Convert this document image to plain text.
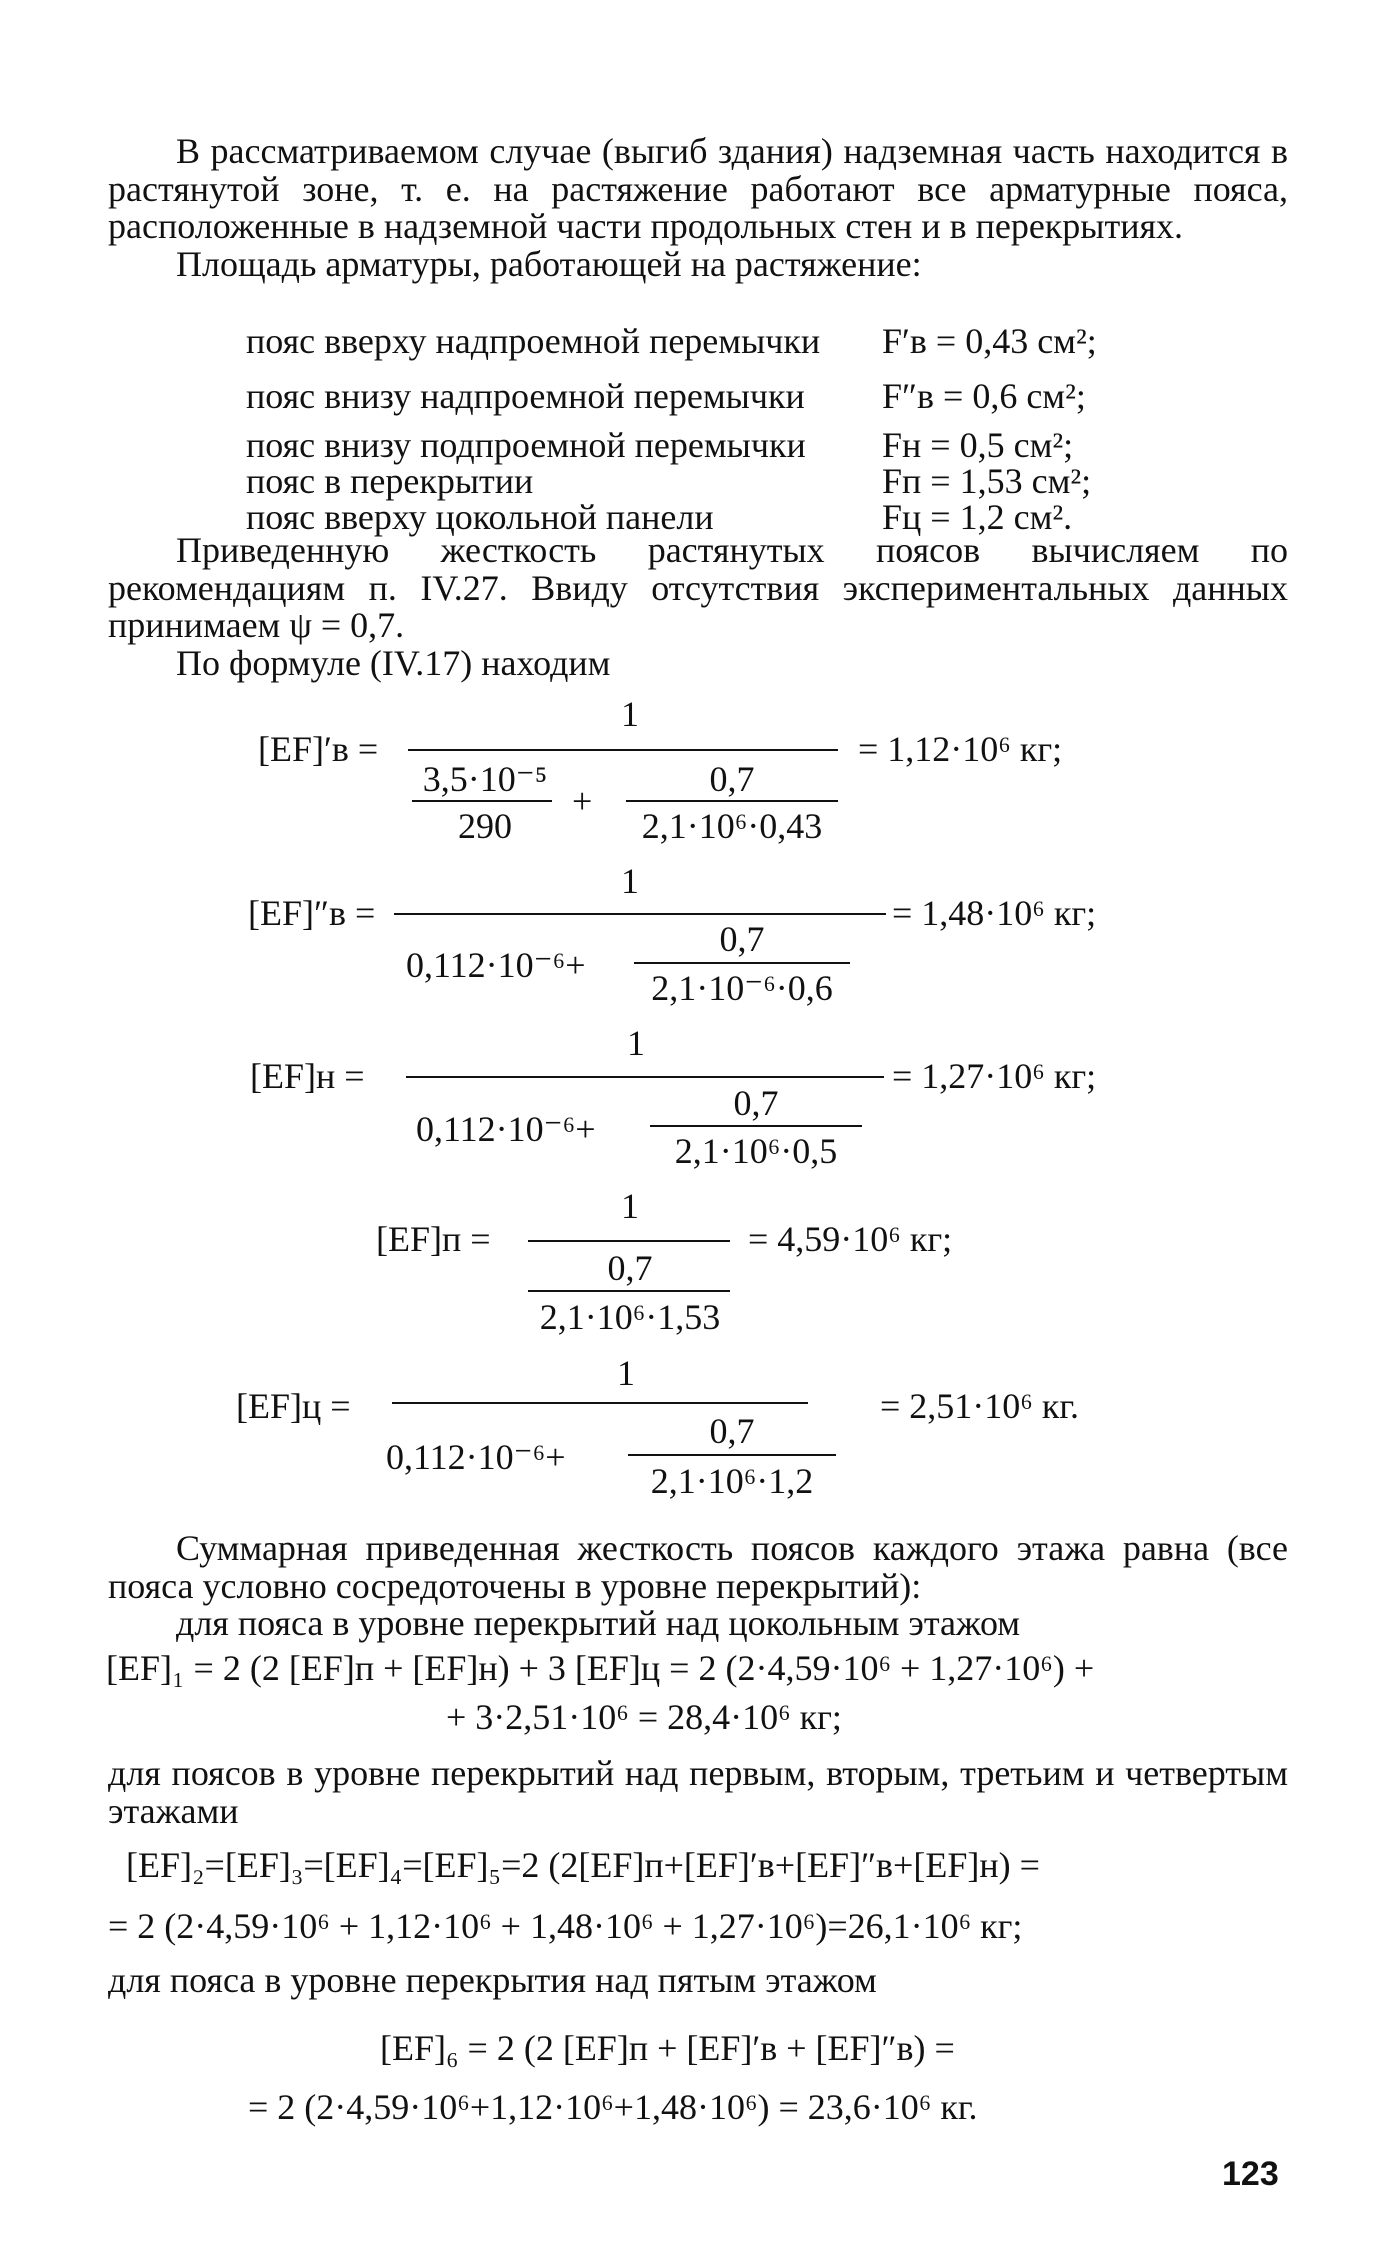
В рассматриваемом случае (выгиб здания) надземная часть находится в растянутой зоне, т. е. на растяжение работают все арматурные пояса, расположенные в надземной части продольных стен и в перекрытиях.

Площадь арматуры, работающей на растяжение:

пояс вверху надпроемной перемычки F′в = 0,43 см²;
пояс внизу надпроемной перемычки F″в = 0,6 см²;
пояс внизу подпроемной перемычки Fн = 0,5 см²;
пояс в перекрытии	Fп = 1,53 см²;
пояс вверху цокольной панели	Fц = 1,2 см².

Приведенную жесткость растянутых поясов вычисляем по рекомендациям п. IV.27. Ввиду отсутствия экспериментальных данных принимаем ψ = 0,7.

По формуле (IV.17) находим

[EF]′в =
1
3,5·10⁻⁵
290
+
0,7
2,1·10⁶·0,43
= 1,12·10⁶ кг;
[EF]″в =
1
0,112·10⁻⁶+
0,7
2,1·10⁻⁶·0,6
= 1,48·10⁶ кг;
[EF]н =
1
0,112·10⁻⁶+
0,7
2,1·10⁶·0,5
= 1,27·10⁶ кг;
[EF]п =
1
0,7
2,1·10⁶·1,53
= 4,59·10⁶ кг;
[EF]ц =
1
0,112·10⁻⁶+
0,7
2,1·10⁶·1,2
= 2,51·10⁶ кг.

Суммарная приведенная жесткость поясов каждого этажа равна (все пояса условно сосредоточены в уровне перекрытий):

для пояса в уровне перекрытий над цокольным этажом

[EF]₁ = 2 (2 [EF]п + [EF]н) + 3 [EF]ц = 2 (2·4,59·10⁶ + 1,27·10⁶) +
+ 3·2,51·10⁶ = 28,4·10⁶ кг;
для поясов в уровне перекрытий над первым, вторым, третьим и четвертым этажами
[EF]₂=[EF]₃=[EF]₄=[EF]₅=2 (2[EF]п+[EF]′в+[EF]″в+[EF]н) =
= 2 (2·4,59·10⁶ + 1,12·10⁶ + 1,48·10⁶ + 1,27·10⁶)=26,1·10⁶ кг;
для пояса в уровне перекрытия над пятым этажом
[EF]₆ = 2 (2 [EF]п + [EF]′в + [EF]″в) =
= 2 (2·4,59·10⁶+1,12·10⁶+1,48·10⁶) = 23,6·10⁶ кг.
123
